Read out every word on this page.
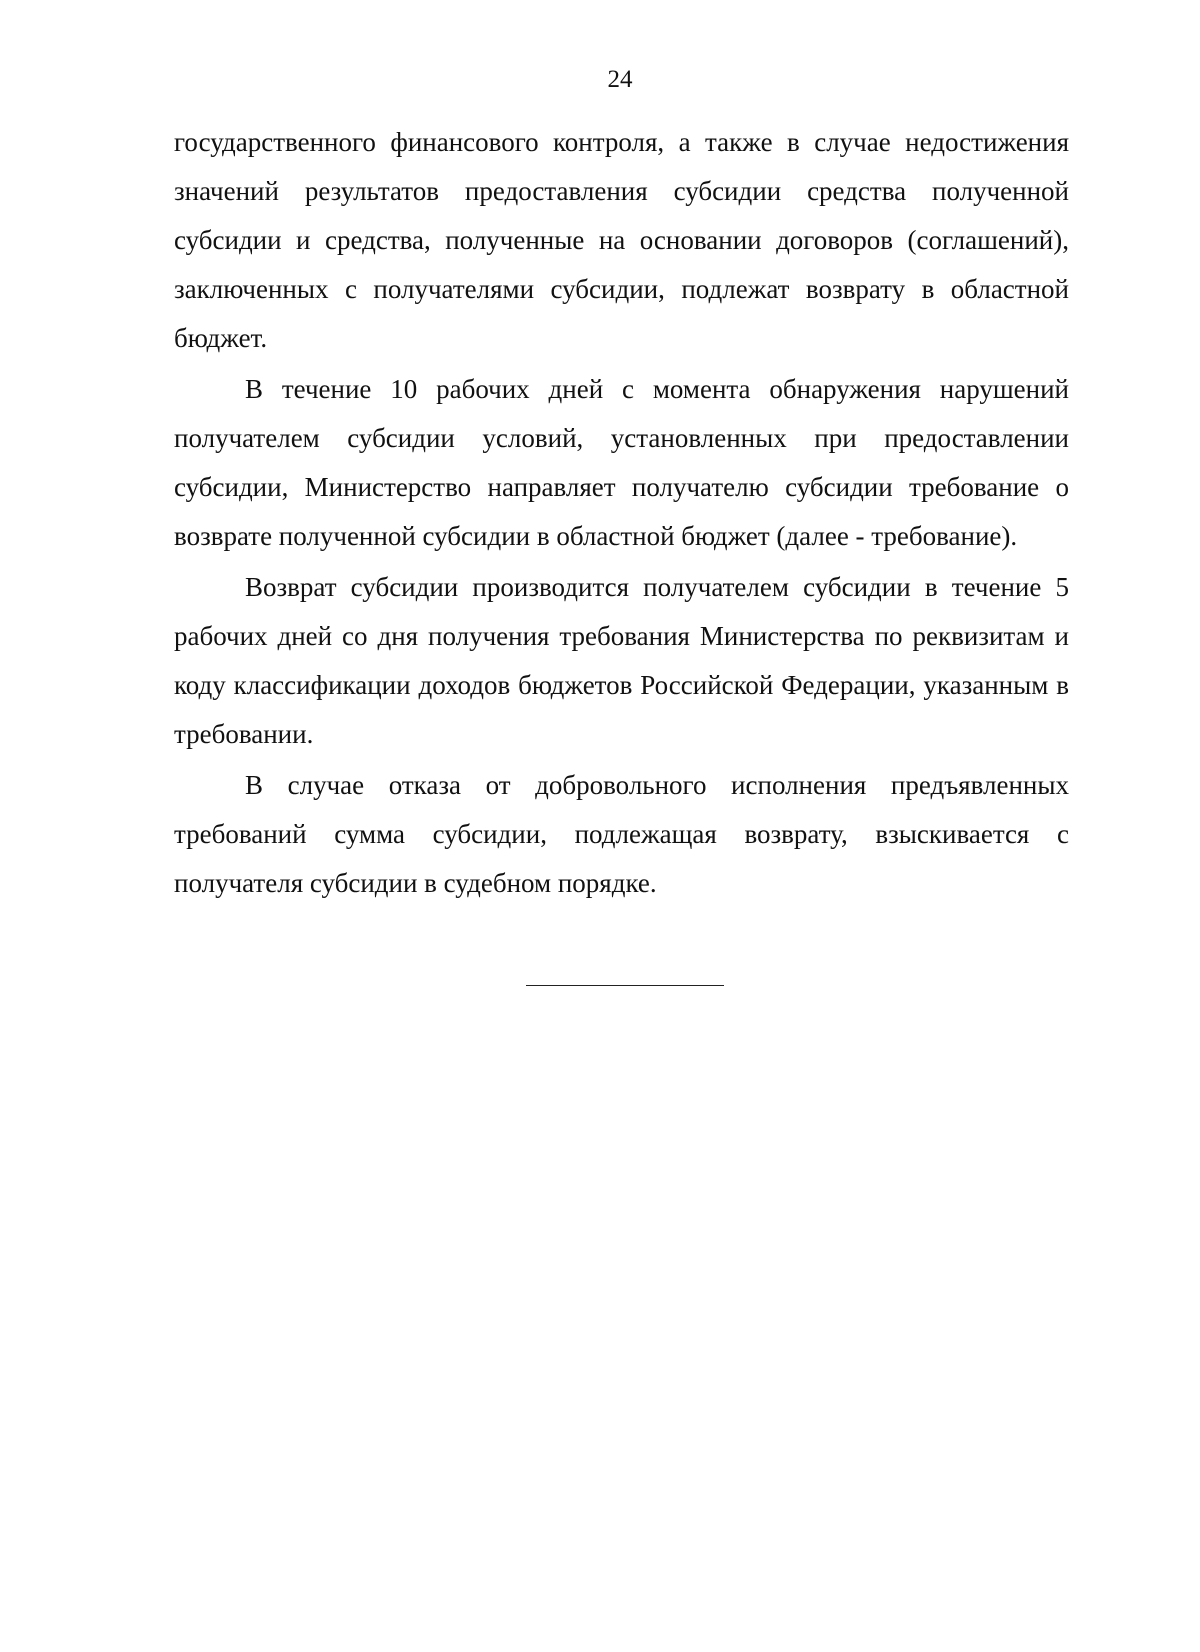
24

государственного финансового контроля, а также в случае недостижения значений результатов предоставления субсидии средства полученной субсидии и средства, полученные на основании договоров (соглашений), заключенных с получателями субсидии, подлежат возврату в областной бюджет.

В течение 10 рабочих дней с момента обнаружения нарушений получателем субсидии условий, установленных при предоставлении субсидии, Министерство направляет получателю субсидии требование о возврате полученной субсидии в областной бюджет (далее - требование).

Возврат субсидии производится получателем субсидии в течение 5 рабочих дней со дня получения требования Министерства по реквизитам и коду классификации доходов бюджетов Российской Федерации, указанным в требовании.

В случае отказа от добровольного исполнения предъявленных требований сумма субсидии, подлежащая возврату, взыскивается с получателя субсидии в судебном порядке.
